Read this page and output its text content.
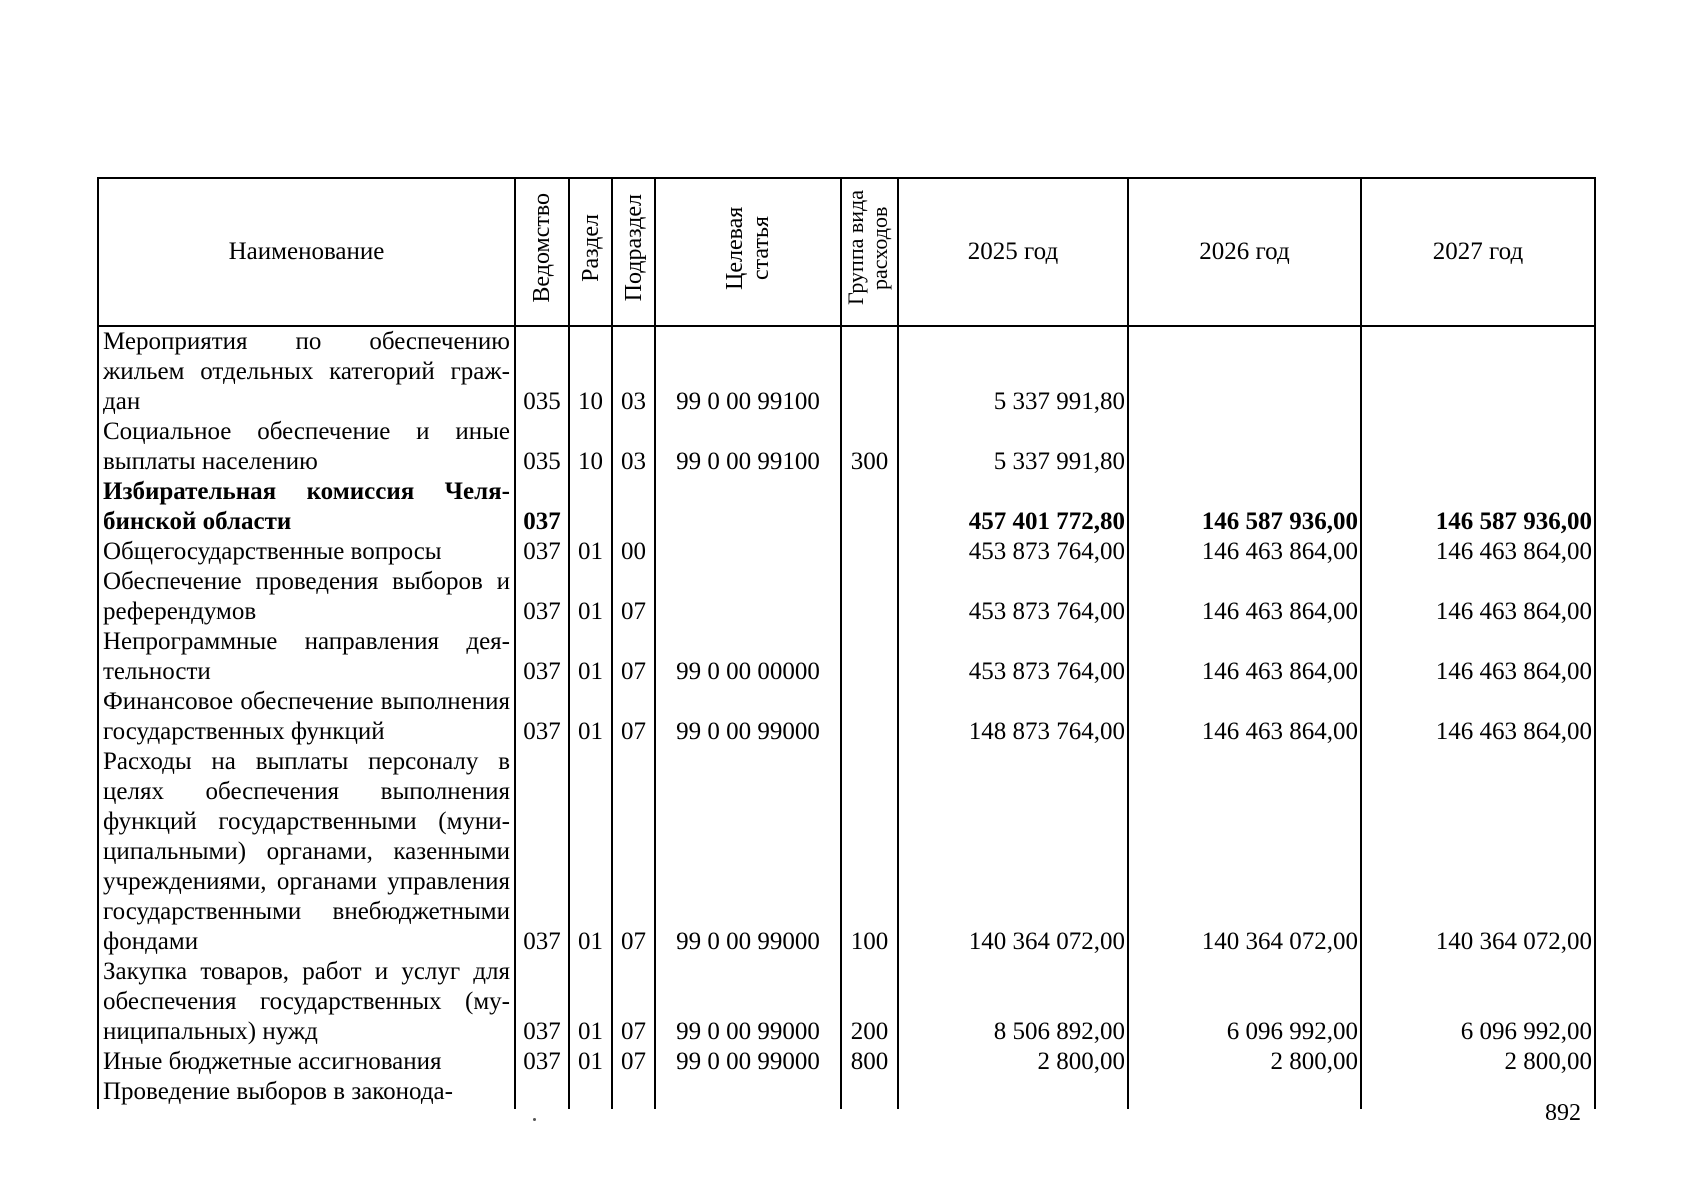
Наименование	Ведомство	Раздел	Подраздел	Целевая статья	Группа вида расходов	2025 год	2026 год	2027 год
Мероприятия по обеспечению жильем отдельных категорий граждан	035	10	03	99 0 00 99100		5 337 991,80		
Социальное обеспечение и иные выплаты населению	035	10	03	99 0 00 99100	300	5 337 991,80		
Избирательная комиссия Челябинской области	037					457 401 772,80	146 587 936,00	146 587 936,00
Общегосударственные вопросы	037	01	00			453 873 764,00	146 463 864,00	146 463 864,00
Обеспечение проведения выборов и референдумов	037	01	07			453 873 764,00	146 463 864,00	146 463 864,00
Непрограммные направления деятельности	037	01	07	99 0 00 00000		453 873 764,00	146 463 864,00	146 463 864,00
Финансовое обеспечение выполнения государственных функций	037	01	07	99 0 00 99000		148 873 764,00	146 463 864,00	146 463 864,00
Расходы на выплаты персоналу в целях обеспечения выполнения функций государственными (муниципальными) органами, казенными учреждениями, органами управления государственными внебюджетными фондами	037	01	07	99 0 00 99000	100	140 364 072,00	140 364 072,00	140 364 072,00
Закупка товаров, работ и услуг для обеспечения государственных (муниципальных) нужд	037	01	07	99 0 00 99000	200	8 506 892,00	6 096 992,00	6 096 992,00
Иные бюджетные ассигнования	037	01	07	99 0 00 99000	800	2 800,00	2 800,00	2 800,00
Проведение выборов в законода-								
892
